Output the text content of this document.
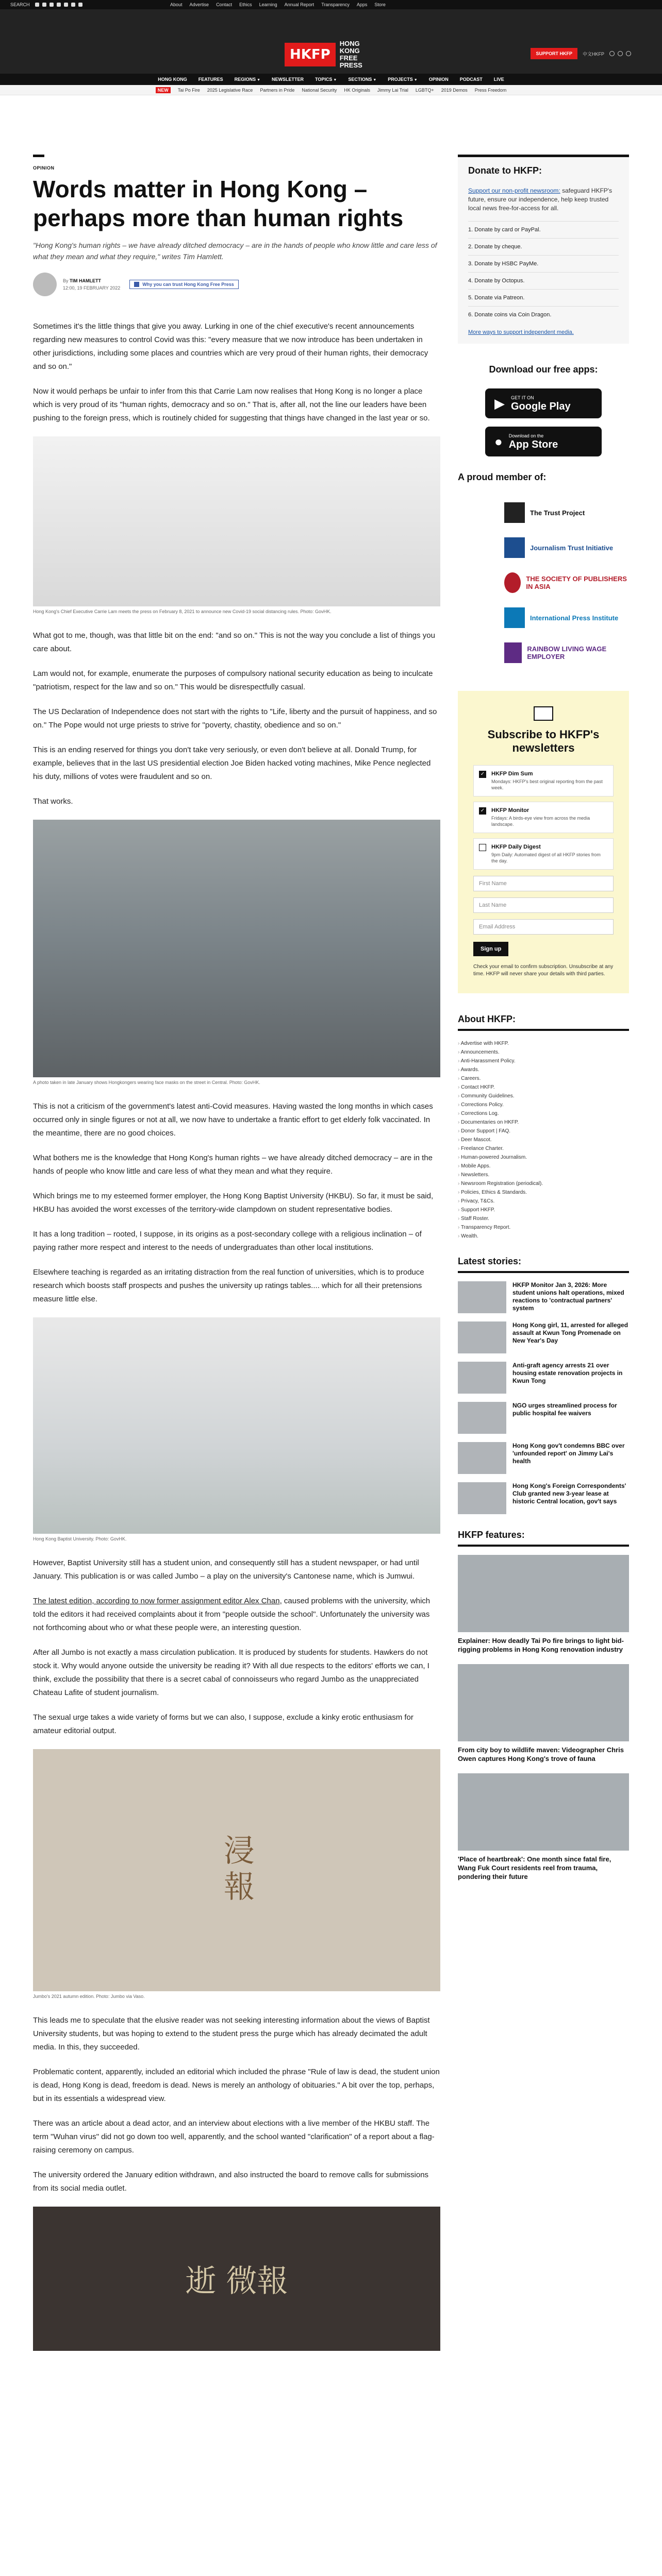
SEARCH	About Advertise Contact Ethics Learning Annual Report Transparency Apps Store
HKFP
HONG KONG
FREE PRESS
SUPPORT HKFP	中文HKFP
HONG KONG FEATURES REGIONS ▼ NEWSLETTER TOPICS ▼ SECTIONS ▼ PROJECTS ▼ OPINION PODCAST LIVE
NEW	Tai Po Fire 2025 Legislative Race Partners in Pride National Security HK Originals Jimmy Lai Trial LGBTQ+ 2019 Demos Press Freedom
OPINION
Words matter in Hong Kong – perhaps more than human rights

"Hong Kong's human rights – we have already ditched democracy – are in the hands of people who know little and care less of what they mean and what they require," writes Tim Hamlett.

By TIM HAMLETT
12:00, 19 FEBRUARY 2022
Why you can trust Hong Kong Free Press

Sometimes it's the little things that give you away. Lurking in one of the chief executive's recent announcements regarding new measures to control Covid was this: "every measure that we now introduce has been undertaken in other jurisdictions, including some places and countries which are very proud of their human rights, their democracy and so on."

Now it would perhaps be unfair to infer from this that Carrie Lam now realises that Hong Kong is no longer a place which is very proud of its "human rights, democracy and so on." That is, after all, not the line our leaders have been pushing to the foreign press, which is routinely chided for suggesting that things have changed in the last year or so.

Hong Kong's Chief Executive Carrie Lam meets the press on February 8, 2021 to announce new Covid-19 social distancing rules. Photo: GovHK.

What got to me, though, was that little bit on the end: "and so on." This is not the way you conclude a list of things you care about.

Lam would not, for example, enumerate the purposes of compulsory national security education as being to inculcate "patriotism, respect for the law and so on." This would be disrespectfully casual.

The US Declaration of Independence does not start with the rights to "Life, liberty and the pursuit of happiness, and so on." The Pope would not urge priests to strive for "poverty, chastity, obedience and so on."

This is an ending reserved for things you don't take very seriously, or even don't believe at all. Donald Trump, for example, believes that in the last US presidential election Joe Biden hacked voting machines, Mike Pence neglected his duty, millions of votes were fraudulent and so on.

That works.

A photo taken in late January shows Hongkongers wearing face masks on the street in Central. Photo: GovHK.

This is not a criticism of the government's latest anti-Covid measures. Having wasted the long months in which cases occurred only in single figures or not at all, we now have to undertake a frantic effort to get elderly folk vaccinated. In the meantime, there are no good choices.

What bothers me is the knowledge that Hong Kong's human rights – we have already ditched democracy – are in the hands of people who know little and care less of what they mean and what they require.

Which brings me to my esteemed former employer, the Hong Kong Baptist University (HKBU). So far, it must be said, HKBU has avoided the worst excesses of the territory-wide clampdown on student representative bodies.

It has a long tradition – rooted, I suppose, in its origins as a post-secondary college with a religious inclination – of paying rather more respect and interest to the needs of undergraduates than other local institutions.

Elsewhere teaching is regarded as an irritating distraction from the real function of universities, which is to produce research which boosts staff prospects and pushes the university up ratings tables.... which for all their pretensions measure little else.

Hong Kong Baptist University. Photo: GovHK.

However, Baptist University still has a student union, and consequently still has a student newspaper, or had until January. This publication is or was called Jumbo – a play on the university's Cantonese name, which is Jumwui.

The latest edition, according to now former assignment editor Alex Chan, caused problems with the university, which told the editors it had received complaints about it from "people outside the school". Unfortunately the university was not forthcoming about who or what these people were, an interesting question.

After all Jumbo is not exactly a mass circulation publication. It is produced by students for students. Hawkers do not stock it. Why would anyone outside the university be reading it? With all due respects to the editors' efforts we can, I think, exclude the possibility that there is a secret cabal of connoisseurs who regard Jumbo as the unappreciated Chateau Lafite of student journalism.

The sexual urge takes a wide variety of forms but we can also, I suppose, exclude a kinky erotic enthusiasm for amateur editorial output.

浸報
Jumbo's 2021 autumn edition. Photo: Jumbo via Vaso.

This leads me to speculate that the elusive reader was not seeking interesting information about the views of Baptist University students, but was hoping to extend to the student press the purge which has already decimated the adult media. In this, they succeeded.

Problematic content, apparently, included an editorial which included the phrase "Rule of law is dead, the student union is dead, Hong Kong is dead, freedom is dead. News is merely an anthology of obituaries." A bit over the top, perhaps, but in its essentials a widespread view.

There was an article about a dead actor, and an interview about elections with a live member of the HKBU staff. The term "Wuhan virus" did not go down too well, apparently, and the school wanted "clarification" of a report about a flag-raising ceremony on campus.

The university ordered the January edition withdrawn, and also instructed the board to remove calls for submissions from its social media outlet.

逝 微報
Donate to HKFP:
Support our non-profit newsroom: safeguard HKFP's future, ensure our independence, help keep trusted local news free-for-access for all.
1. Donate by card or PayPal.
2. Donate by cheque.
3. Donate by HSBC PayMe.
4. Donate by Octopus.
5. Donate via Patreon.
6. Donate coins via Coin Dragon.
More ways to support independent media.
Download our free apps:
▶ GET IT ON
Google Play
● Download on the
App Store
A proud member of:
The Trust Project
Journalism Trust Initiative
THE SOCIETY OF PUBLISHERS IN ASIA
International Press Institute
RAINBOW LIVING WAGE EMPLOYER
Subscribe to HKFP's newsletters
✓ HKFP Dim Sum
Mondays: HKFP's best original reporting from the past week.
✓ HKFP Monitor
Fridays: A birds-eye view from across the media landscape.
HKFP Daily Digest
9pm Daily: Automated digest of all HKFP stories from the day.
First Name
Last Name
Email Address
Sign up
Check your email to confirm subscription. Unsubscribe at any time. HKFP will never share your details with third parties.
About HKFP:
› Advertise with HKFP.
› Announcements.
› Anti-Harassment Policy.
› Awards.
› Careers.
› Contact HKFP.
› Community Guidelines.
› Corrections Policy.
› Corrections Log.
› Documentaries on HKFP.
› Donor Support | FAQ.
› Deer Mascot.
› Freelance Charter.
› Human-powered Journalism.
› Mobile Apps.
› Newsletters.
› Newsroom Registration (periodical).
› Policies, Ethics & Standards.
› Privacy, T&Cs.
› Support HKFP.
› Staff Roster.
› Transparency Report.
› Wealth.
Latest stories:
HKFP Monitor Jan 3, 2026: More student unions halt operations, mixed reactions to 'contractual partners' system
Hong Kong girl, 11, arrested for alleged assault at Kwun Tong Promenade on New Year's Day
Anti-graft agency arrests 21 over housing estate renovation projects in Kwun Tong
NGO urges streamlined process for public hospital fee waivers
Hong Kong gov't condemns BBC over 'unfounded report' on Jimmy Lai's health
Hong Kong's Foreign Correspondents' Club granted new 3-year lease at historic Central location, gov't says
HKFP features:
Explainer: How deadly Tai Po fire brings to light bid-rigging problems in Hong Kong renovation industry
From city boy to wildlife maven: Videographer Chris Owen captures Hong Kong's trove of fauna
'Place of heartbreak': One month since fatal fire, Wang Fuk Court residents reel from trauma, pondering their future
